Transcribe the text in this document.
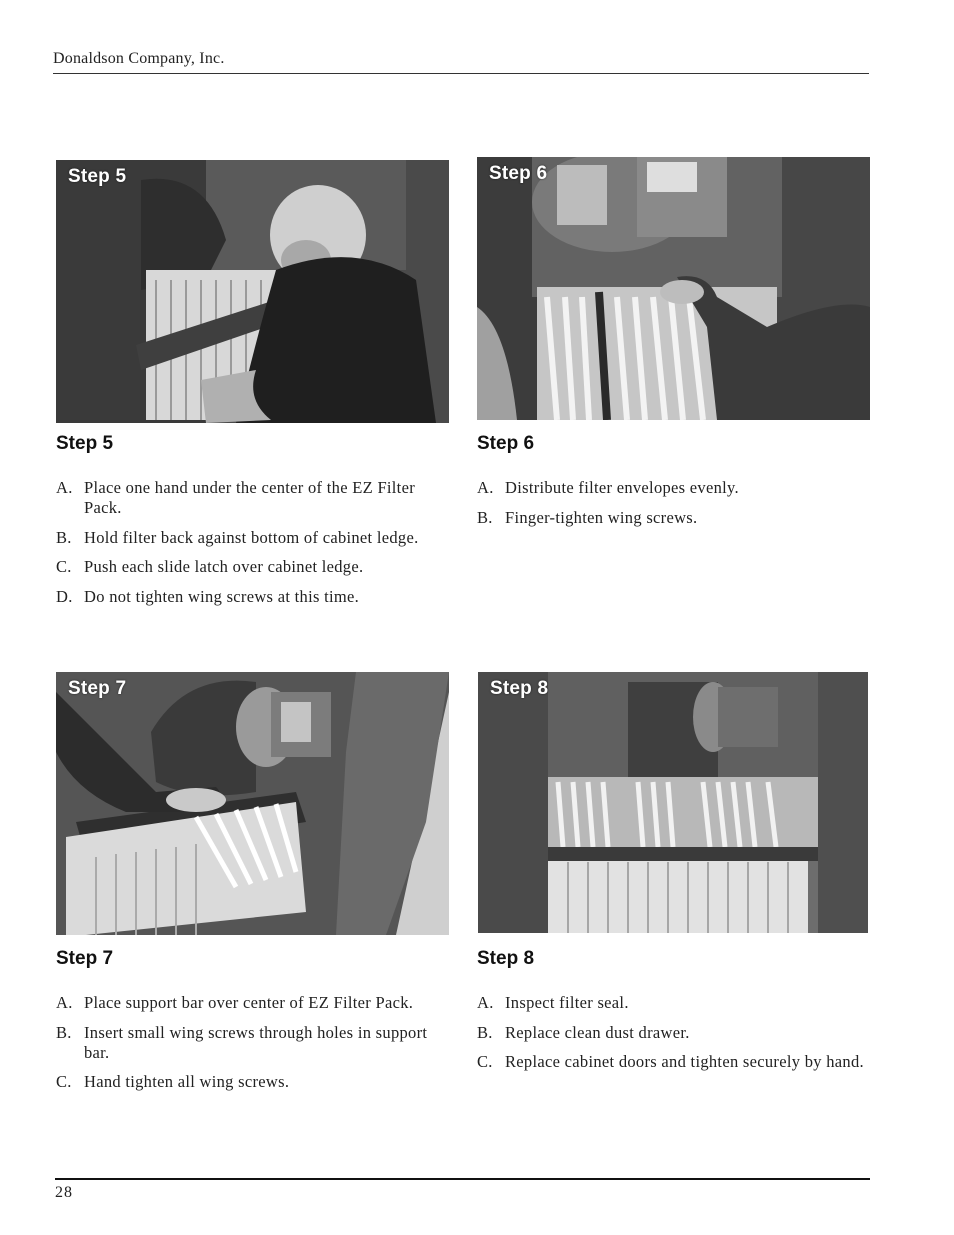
Donaldson Company, Inc.
Step 5	Step 6
Step 5
A. Place one hand under the center of the EZ Filter Pack.
B. Hold filter back against bottom of cabinet ledge.
C. Push each slide latch over cabinet ledge.
D. Do not tighten wing screws at this time.
Step 6
A. Distribute filter envelopes evenly.
B. Finger-tighten wing screws.
Step 7	Step 8
Step 7
A. Place support bar over center of EZ Filter Pack.
B. Insert small wing screws through holes in support bar.
C. Hand tighten all wing screws.
Step 8
A. Inspect filter seal.
B. Replace clean dust drawer.
C. Replace cabinet doors and tighten securely by hand.
28
